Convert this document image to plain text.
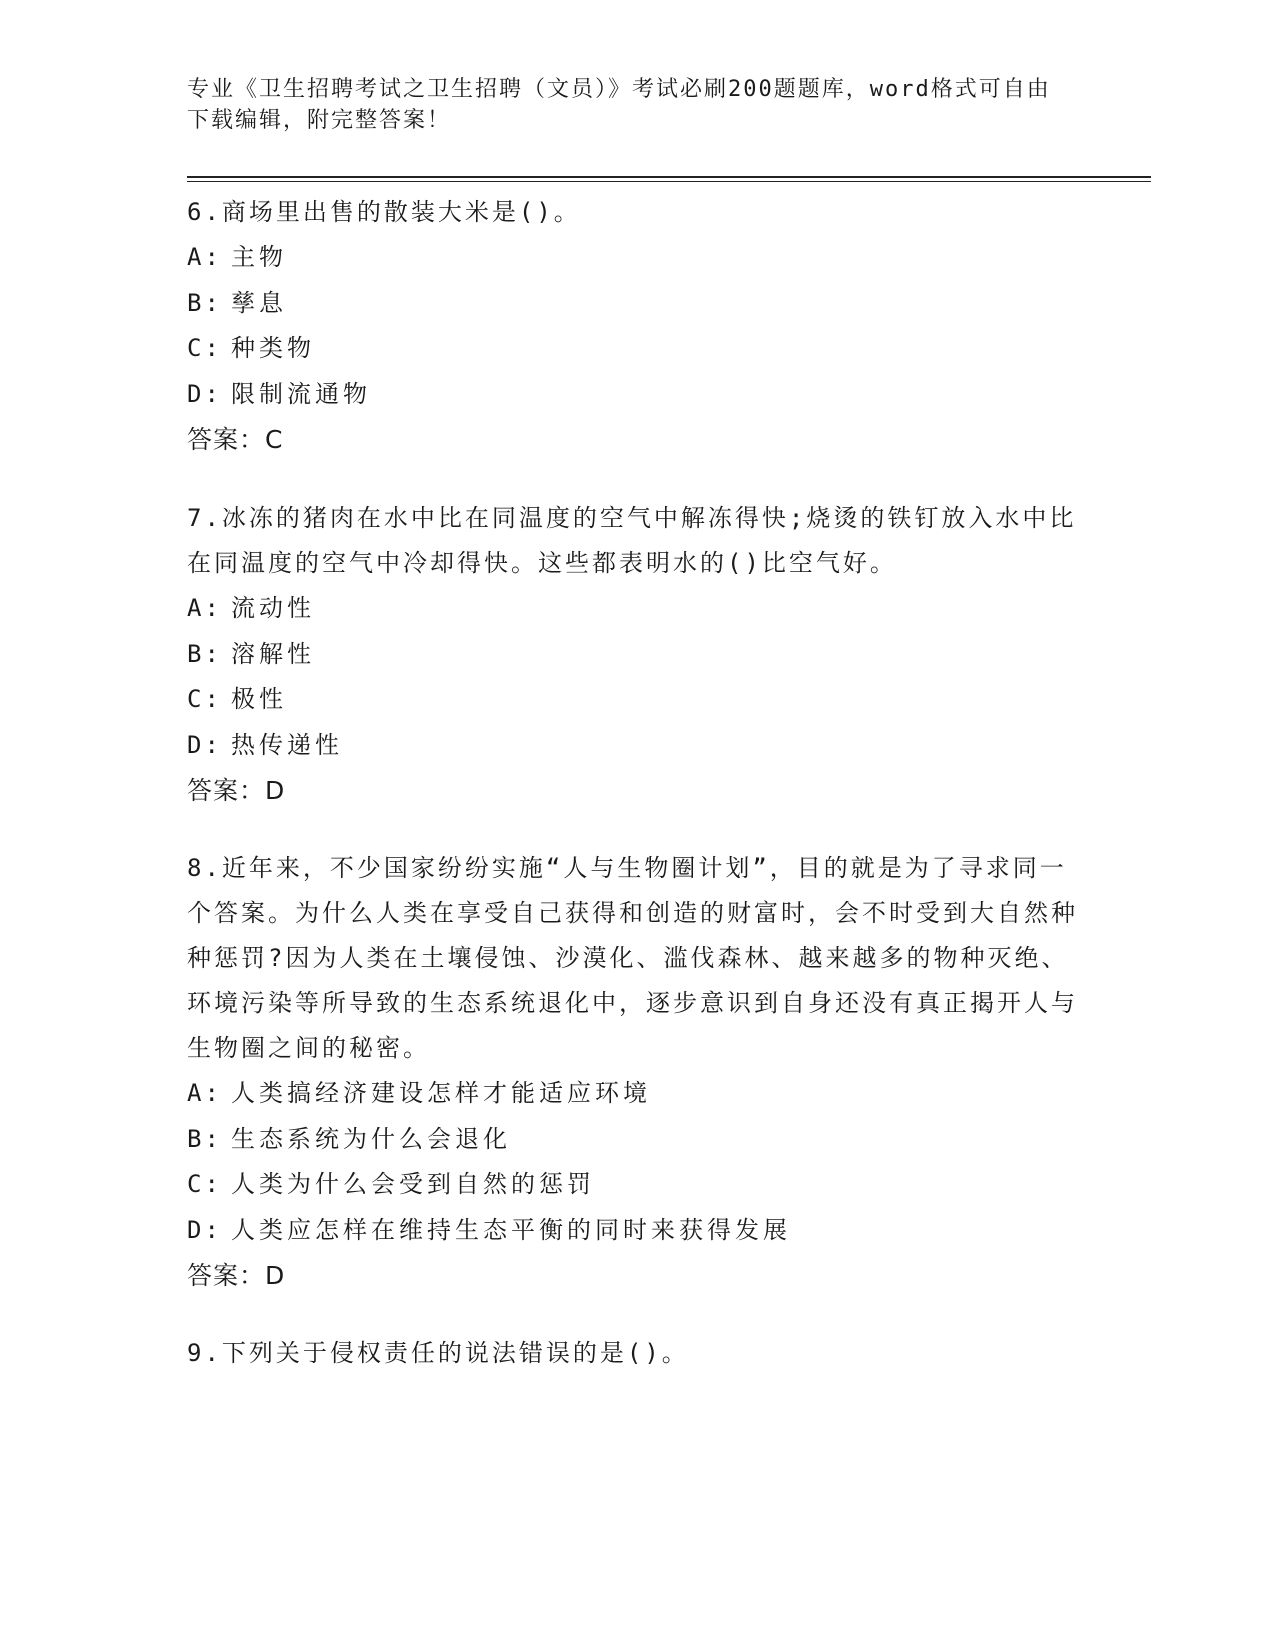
专业《卫生招聘考试之卫生招聘（文员）》考试必刷200题题库，word格式可自由下载编辑，附完整答案！

6.商场里出售的散装大米是()。

A: 主物
B: 孳息
C: 种类物
D: 限制流通物
答案： C

7.冰冻的猪肉在水中比在同温度的空气中解冻得快;烧烫的铁钉放入水中比在同温度的空气中冷却得快。这些都表明水的()比空气好。

A: 流动性
B: 溶解性
C: 极性
D: 热传递性
答案： D

8.近年来，不少国家纷纷实施“人与生物圈计划”，目的就是为了寻求同一个答案。为什么人类在享受自己获得和创造的财富时，会不时受到大自然种种惩罚?因为人类在土壤侵蚀、沙漠化、滥伐森林、越来越多的物种灭绝、环境污染等所导致的生态系统退化中，逐步意识到自身还没有真正揭开人与生物圈之间的秘密。

A: 人类搞经济建设怎样才能适应环境
B: 生态系统为什么会退化
C: 人类为什么会受到自然的惩罚
D: 人类应怎样在维持生态平衡的同时来获得发展
答案： D

9.下列关于侵权责任的说法错误的是()。
